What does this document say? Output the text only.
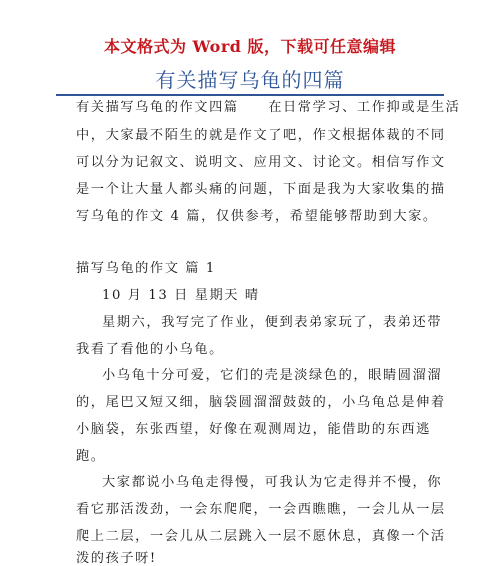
本文格式为 Word 版，下载可任意编辑
有关描写乌龟的四篇
有关描写乌龟的作文四篇　　在日常学习、工作抑或是生活
中，大家最不陌生的就是作文了吧，作文根据体裁的不同
可以分为记叙文、说明文、应用文、讨论文。相信写作文
是一个让大量人都头痛的问题，下面是我为大家收集的描
写乌龟的作文 4 篇，仅供参考，希望能够帮助到大家。
描写乌龟的作文 篇 1
10 月 13 日 星期天 晴
星期六，我写完了作业，便到表弟家玩了，表弟还带
我看了看他的小乌龟。
小乌龟十分可爱，它们的壳是淡绿色的，眼睛圆溜溜
的，尾巴又短又细，脑袋圆溜溜鼓鼓的，小乌龟总是伸着
小脑袋，东张西望，好像在观测周边，能借助的东西逃
跑。
大家都说小乌龟走得慢，可我认为它走得并不慢，你
看它那活泼劲，一会东爬爬，一会西瞧瞧，一会儿从一层
爬上二层，一会儿从二层跳入一层不愿休息，真像一个活
泼的孩子呀!
